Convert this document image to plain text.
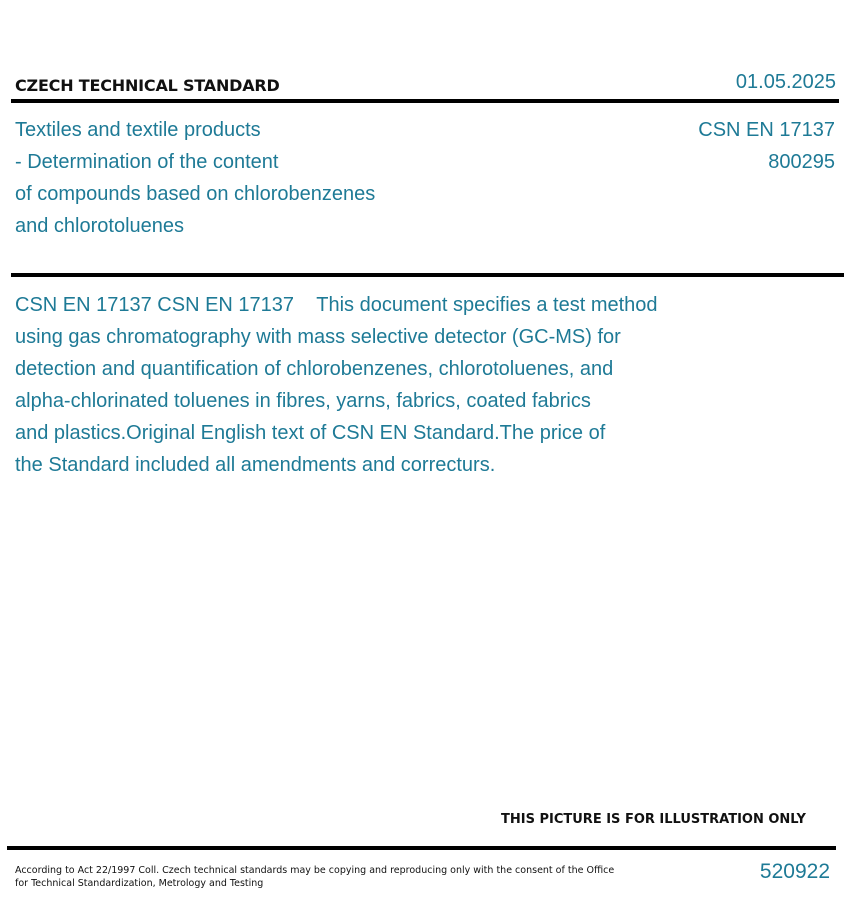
CZECH TECHNICAL STANDARD	01.05.2025
Textiles and textile products
- Determination of the content
of compounds based on chlorobenzenes
and chlorotoluenes
CSN EN 17137
800295
CSN EN 17137 CSN EN 17137    This document specifies a test method
using gas chromatography with mass selective detector (GC-MS) for
detection and quantification of chlorobenzenes, chlorotoluenes, and
alpha-chlorinated toluenes in fibres, yarns, fabrics, coated fabrics
and plastics.Original English text of CSN EN Standard.The price of
the Standard included all amendments and correcturs.
THIS PICTURE IS FOR ILLUSTRATION ONLY
According to Act 22/1997 Coll. Czech technical standards may be copying and reproducing only with the consent of the Office
for Technical Standardization, Metrology and Testing
520922
